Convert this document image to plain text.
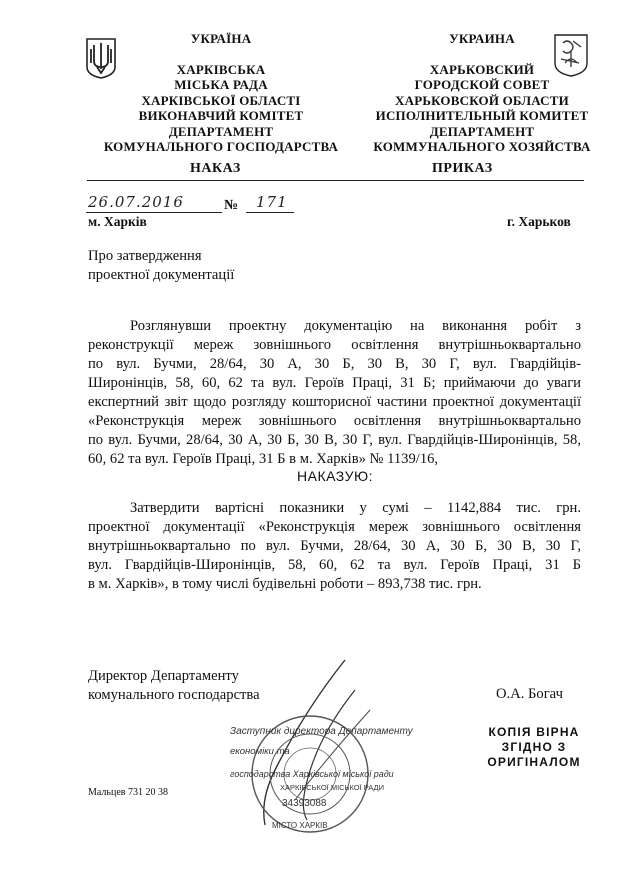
УКРАЇНА
ХАРКІВСЬКА
МІСЬКА РАДА
ХАРКІВСЬКОЇ ОБЛАСТІ
ВИКОНАВЧИЙ КОМІТЕТ
ДЕПАРТАМЕНТ
КОМУНАЛЬНОГО ГОСПОДАРСТВА
УКРАИНА
ХАРЬКОВСКИЙ
ГОРОДСКОЙ СОВЕТ
ХАРЬКОВСКОЙ ОБЛАСТИ
ИСПОЛНИТЕЛЬНЫЙ КОМИТЕТ
ДЕПАРТАМЕНТ
КОММУНАЛЬНОГО ХОЗЯЙСТВА
НАКАЗ	ПРИКАЗ
26.07.2016	№ 171
м. Харків	г. Харьков
Про затвердження
проектної документації
Розглянувши проектну документацію на виконання робіт з
реконструкції мереж зовнішнього освітлення внутрішньоквартально
по вул. Бучми, 28/64, 30 А, 30 Б, 30 В, 30 Г, вул. Гвардійців-
Широнінців, 58, 60, 62 та вул. Героїв Праці, 31 Б; приймаючи до уваги
експертний звіт щодо розгляду кошторисної частини проектної документації
«Реконструкція мереж зовнішнього освітлення внутрішньоквартально
по вул. Бучми, 28/64, 30 А, 30 Б, 30 В, 30 Г, вул. Гвардійців-Широнінців, 58,
60, 62 та вул. Героїв Праці, 31 Б в м. Харків» № 1139/16,
НАКАЗУЮ:
Затвердити вартісні показники у сумі – 1142,884 тис. грн.
проектної документації «Реконструкція мереж зовнішнього освітлення
внутрішньоквартально по вул. Бучми, 28/64, 30 А, 30 Б, 30 В, 30 Г,
вул. Гвардійців-Широнінців, 58, 60, 62 та вул. Героїв Праці, 31 Б
в м. Харків», в тому числі будівельні роботи – 893,738 тис. грн.
Директор Департаменту
комунального господарства	О.А. Богач
Заступник директора Департаменту
економіки та
господарства Харківської міської ради
ХАРКІВСЬКОЇ МІСЬКОЇ РАДИ
34393088
МІСТО ХАРКІВ
КОПІЯ ВІРНА
ЗГІДНО З
ОРИГІНАЛОМ
Мальцев 731 20 38
